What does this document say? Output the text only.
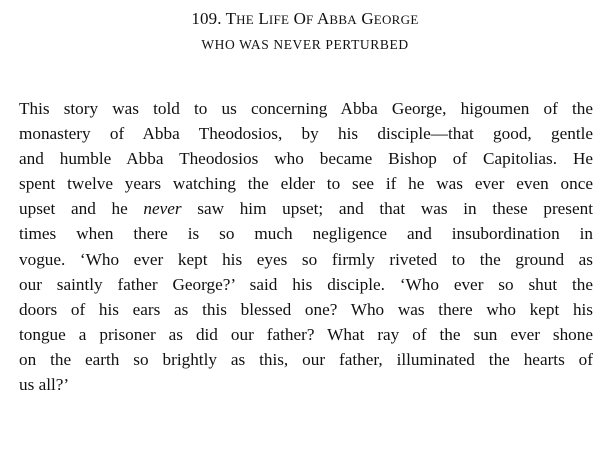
109. THE LIFE OF ABBA GEORGE
WHO WAS NEVER PERTURBED
This story was told to us concerning Abba George, higoumen of the
monastery of Abba Theodosios, by his disciple—that good, gentle
and humble Abba Theodosios who became Bishop of Capitolias. He
spent twelve years watching the elder to see if he was ever even once
upset and he never saw him upset; and that was in these present
times when there is so much negligence and insubordination in
vogue. ‘Who ever kept his eyes so firmly riveted to the ground as
our saintly father George?’ said his disciple. ‘Who ever so shut the
doors of his ears as this blessed one? Who was there who kept his
tongue a prisoner as did our father? What ray of the sun ever shone
on the earth so brightly as this, our father, illuminated the hearts of
us all?’
